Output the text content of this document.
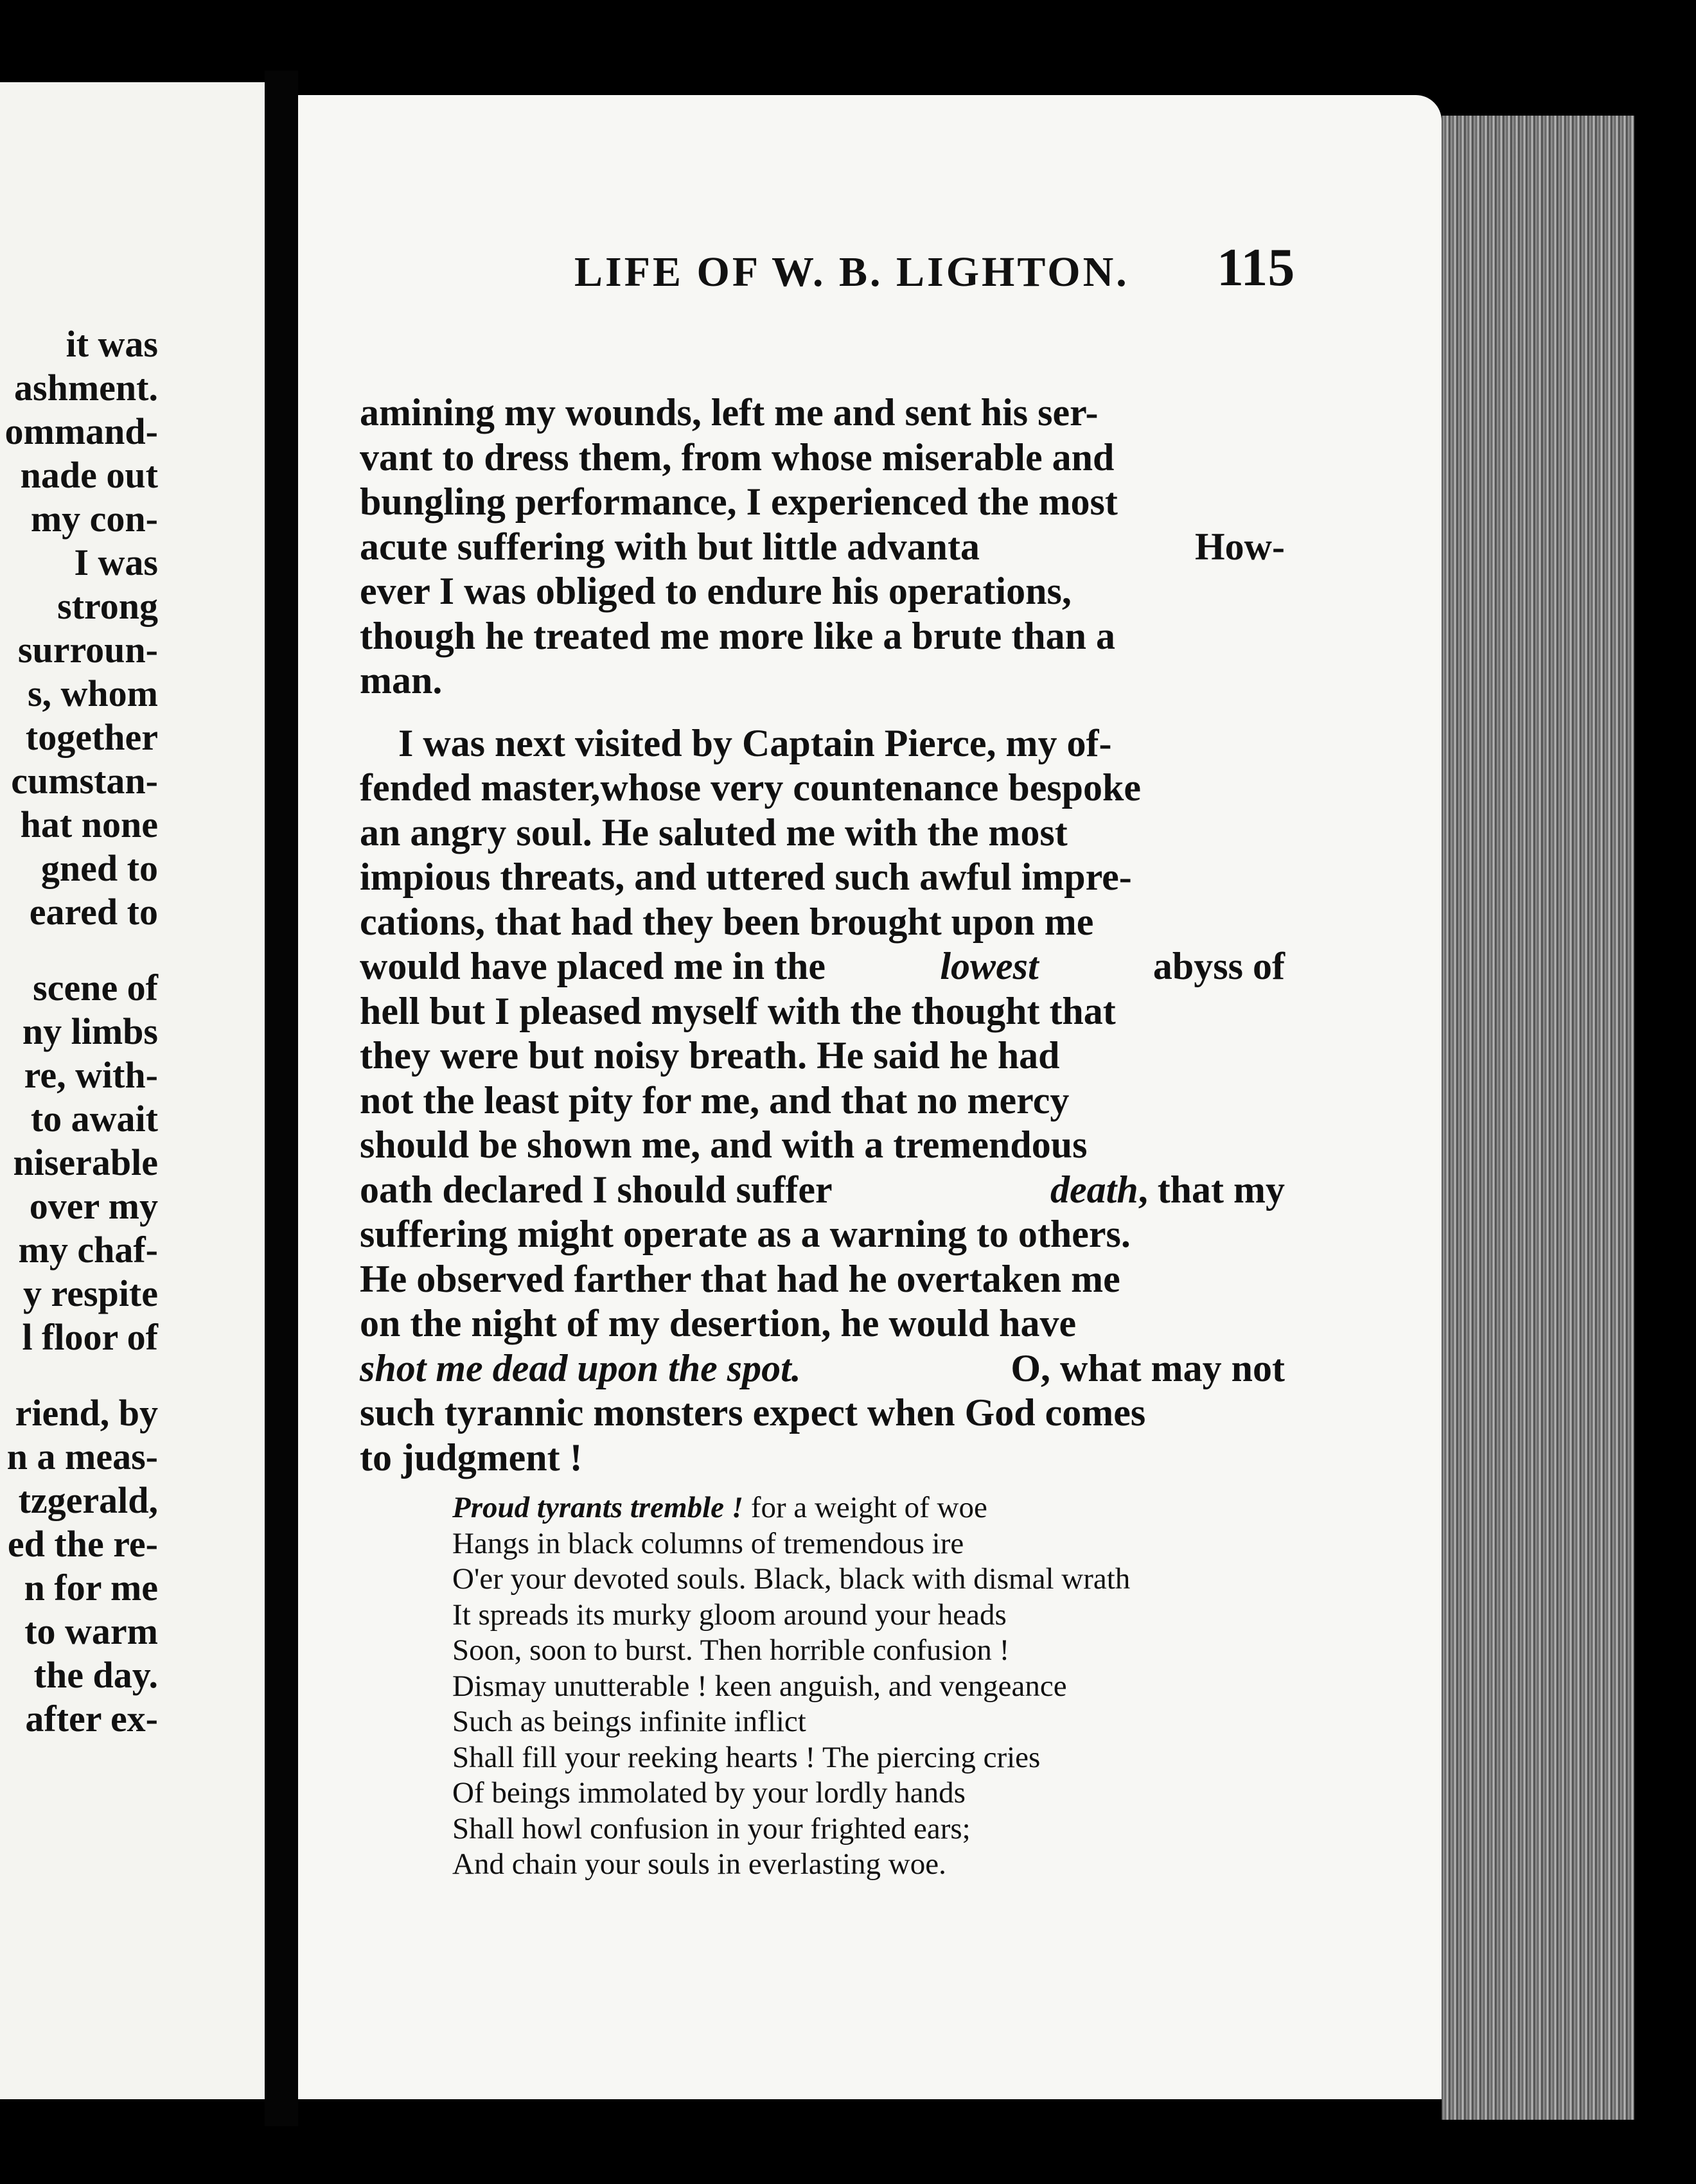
it was
ashment.
ommand-
nade out
my con-
I was
strong
surroun-
s, whom
together
cumstan-
hat none
gned to
eared to
scene of
ny limbs
re, with-
to await
niserable
over my
my chaf-
y respite
l floor of
riend, by
n a meas-
tzgerald,
ed the re-
n for me
to warm
the day.
after ex-
LIFE OF W. B. LIGHTON. 115
amining my wounds, left me and sent his ser-
vant to dress them, from whose miserable and
bungling performance, I experienced the most
acute suffering with but little advanta	How-
ever I was obliged to endure his operations,
though he treated me more like a brute than a
man.
I was next visited by Captain Pierce, my of-
fended master,whose very countenance bespoke
an angry soul. He saluted me with the most
impious threats, and uttered such awful impre-
cations, that had they been brought upon me
would have placed me in the	lowest	abyss of
hell but I pleased myself with the thought that
they were but noisy breath. He said he had
not the least pity for me, and that no mercy
should be shown me, and with a tremendous
oath declared I should suffer	death, that my
suffering might operate as a warning to others.
He observed farther that had he overtaken me
on the night of my desertion, he would have
shot me dead upon the spot.	O, what may not
such tyrannic monsters expect when God comes
to judgment !
Proud tyrants tremble ! for a weight of woe
Hangs in black columns of tremendous ire
O'er your devoted souls. Black, black with dismal wrath
It spreads its murky gloom around your heads
Soon, soon to burst. Then horrible confusion !
Dismay unutterable ! keen anguish, and vengeance
Such as beings infinite inflict
Shall fill your reeking hearts ! The piercing cries
Of beings immolated by your lordly hands
Shall howl confusion in your frighted ears;
And chain your souls in everlasting woe.
